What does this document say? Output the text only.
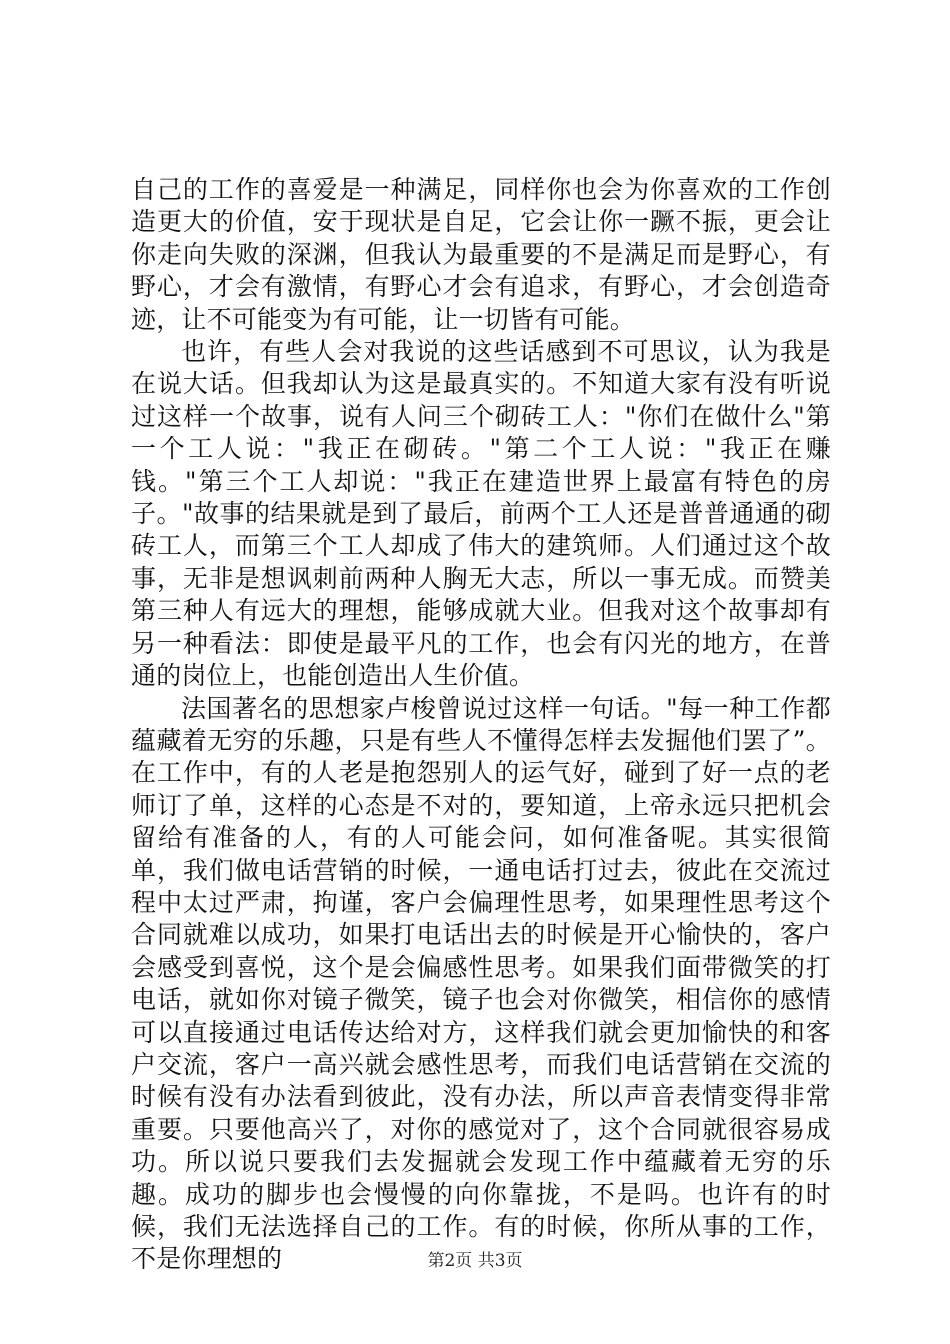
自己的工作的喜爱是一种满足，同样你也会为你喜欢的工作创造更大的价值，安于现状是自足，它会让你一蹶不振，更会让你走向失败的深渊，但我认为最重要的不是满足而是野心，有野心，才会有激情，有野心才会有追求，有野心，才会创造奇迹，让不可能变为有可能，让一切皆有可能。

也许，有些人会对我说的这些话感到不可思议，认为我是在说大话。但我却认为这是最真实的。不知道大家有没有听说过这样一个故事，说有人问三个砌砖工人："你们在做什么"第一个工人说："我正在砌砖。"第二个工人说："我正在赚钱。"第三个工人却说："我正在建造世界上最富有特色的房子。"故事的结果就是到了最后，前两个工人还是普普通通的砌砖工人，而第三个工人却成了伟大的建筑师。人们通过这个故事，无非是想讽刺前两种人胸无大志，所以一事无成。而赞美第三种人有远大的理想，能够成就大业。但我对这个故事却有另一种看法：即使是最平凡的工作，也会有闪光的地方，在普通的岗位上，也能创造出人生价值。

法国著名的思想家卢梭曾说过这样一句话。"每一种工作都蕴藏着无穷的乐趣，只是有些人不懂得怎样去发掘他们罢了”。在工作中，有的人老是抱怨别人的运气好，碰到了好一点的老师订了单，这样的心态是不对的，要知道，上帝永远只把机会留给有准备的人，有的人可能会问，如何准备呢。其实很简单，我们做电话营销的时候，一通电话打过去，彼此在交流过程中太过严肃，拘谨，客户会偏理性思考，如果理性思考这个合同就难以成功，如果打电话出去的时候是开心愉快的，客户会感受到喜悦，这个是会偏感性思考。如果我们面带微笑的打电话，就如你对镜子微笑，镜子也会对你微笑，相信你的感情可以直接通过电话传达给对方，这样我们就会更加愉快的和客户交流，客户一高兴就会感性思考，而我们电话营销在交流的时候有没有办法看到彼此，没有办法，所以声音表情变得非常重要。只要他高兴了，对你的感觉对了，这个合同就很容易成功。所以说只要我们去发掘就会发现工作中蕴藏着无穷的乐趣。成功的脚步也会慢慢的向你靠拢，不是吗。也许有的时候，我们无法选择自己的工作。有的时候，你所从事的工作，不是你理想的	第2页 共3页
